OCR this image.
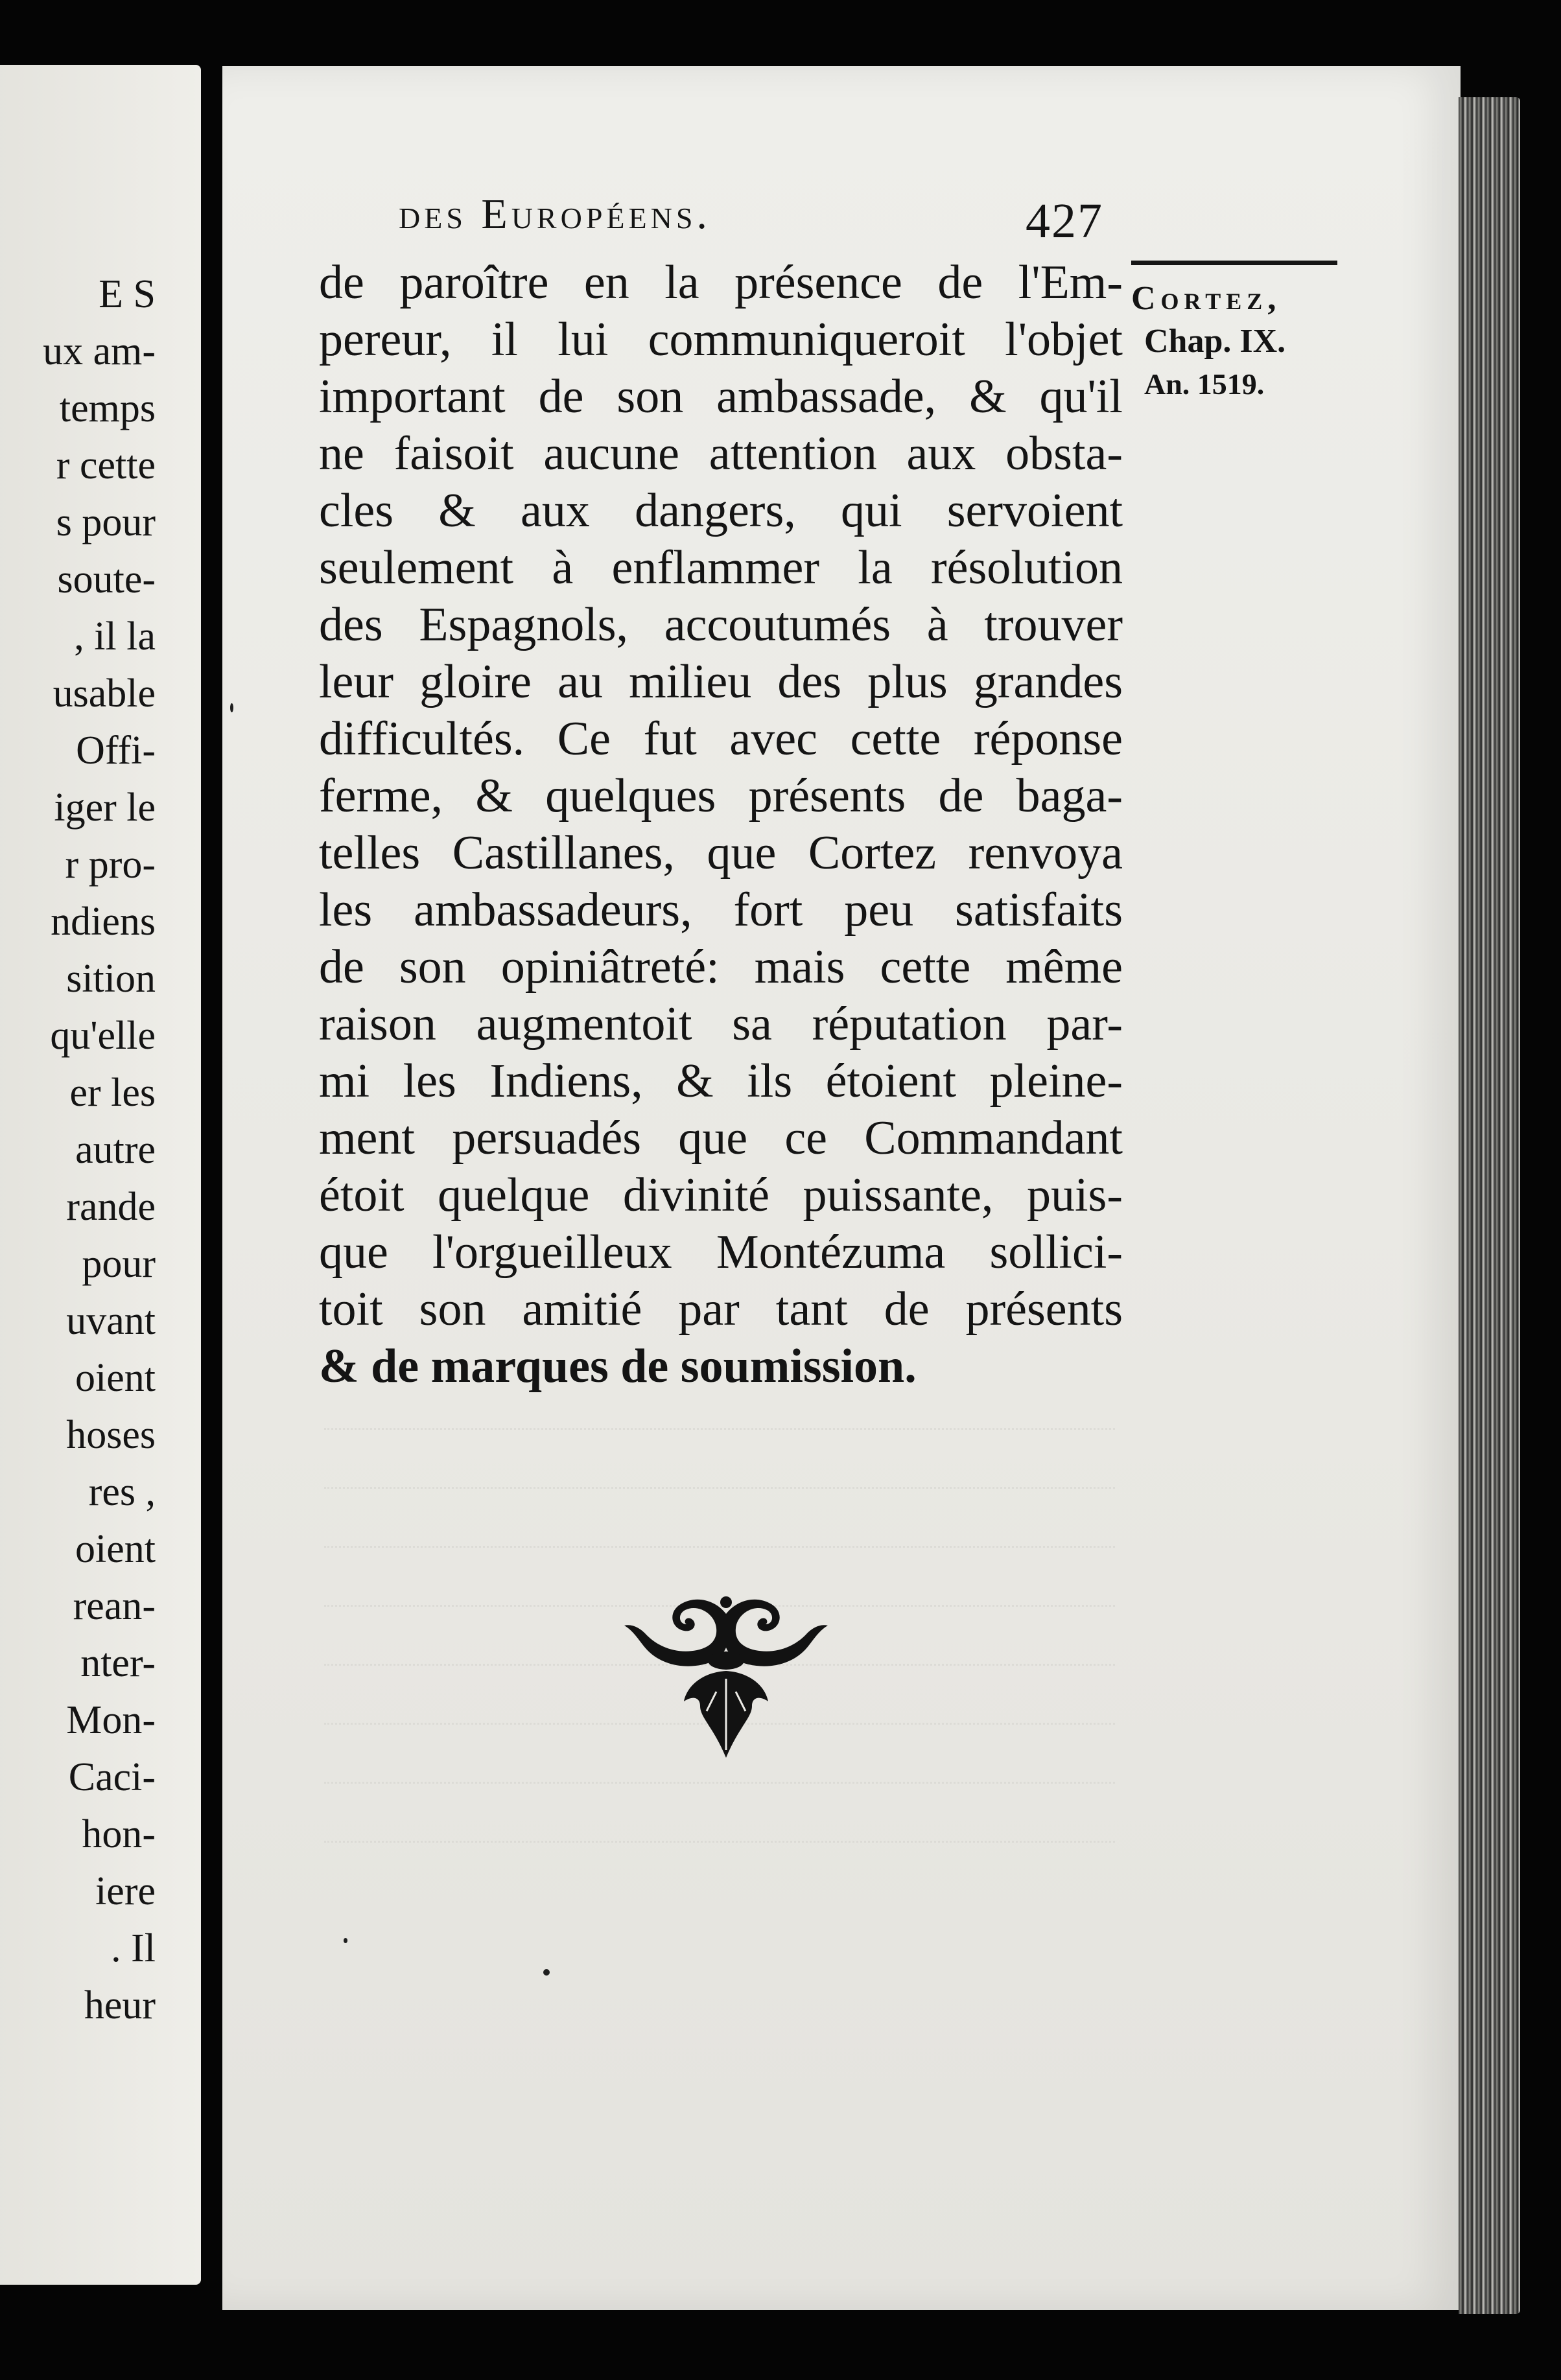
E S
ux am-
temps
r cette
s pour
soute-
, il la
usable
Offi-
iger le
r pro-
ndiens
sition
qu'elle
er les
autre
rande
pour
uvant
oient
hoses
res ,
oient
rean-
nter-
Mon-
Caci-
hon-
iere
. Il
heur
des Européens.	427
Cortez,
Chap. IX.
An. 1519.
de paroître en la présence de l'Em-
pereur, il lui communiqueroit l'objet
important de son ambassade, & qu'il
ne faisoit aucune attention aux obsta-
cles & aux dangers, qui servoient
seulement à enflammer la résolution
des Espagnols, accoutumés à trouver
leur gloire au milieu des plus grandes
difficultés. Ce fut avec cette réponse
ferme, & quelques présents de baga-
telles Castillanes, que Cortez renvoya
les ambassadeurs, fort peu satisfaits
de son opiniâtreté: mais cette même
raison augmentoit sa réputation par-
mi les Indiens, & ils étoient pleine-
ment persuadés que ce Commandant
étoit quelque divinité puissante, puis-
que l'orgueilleux Montézuma sollici-
toit son amitié par tant de présents
& de marques de soumission.
